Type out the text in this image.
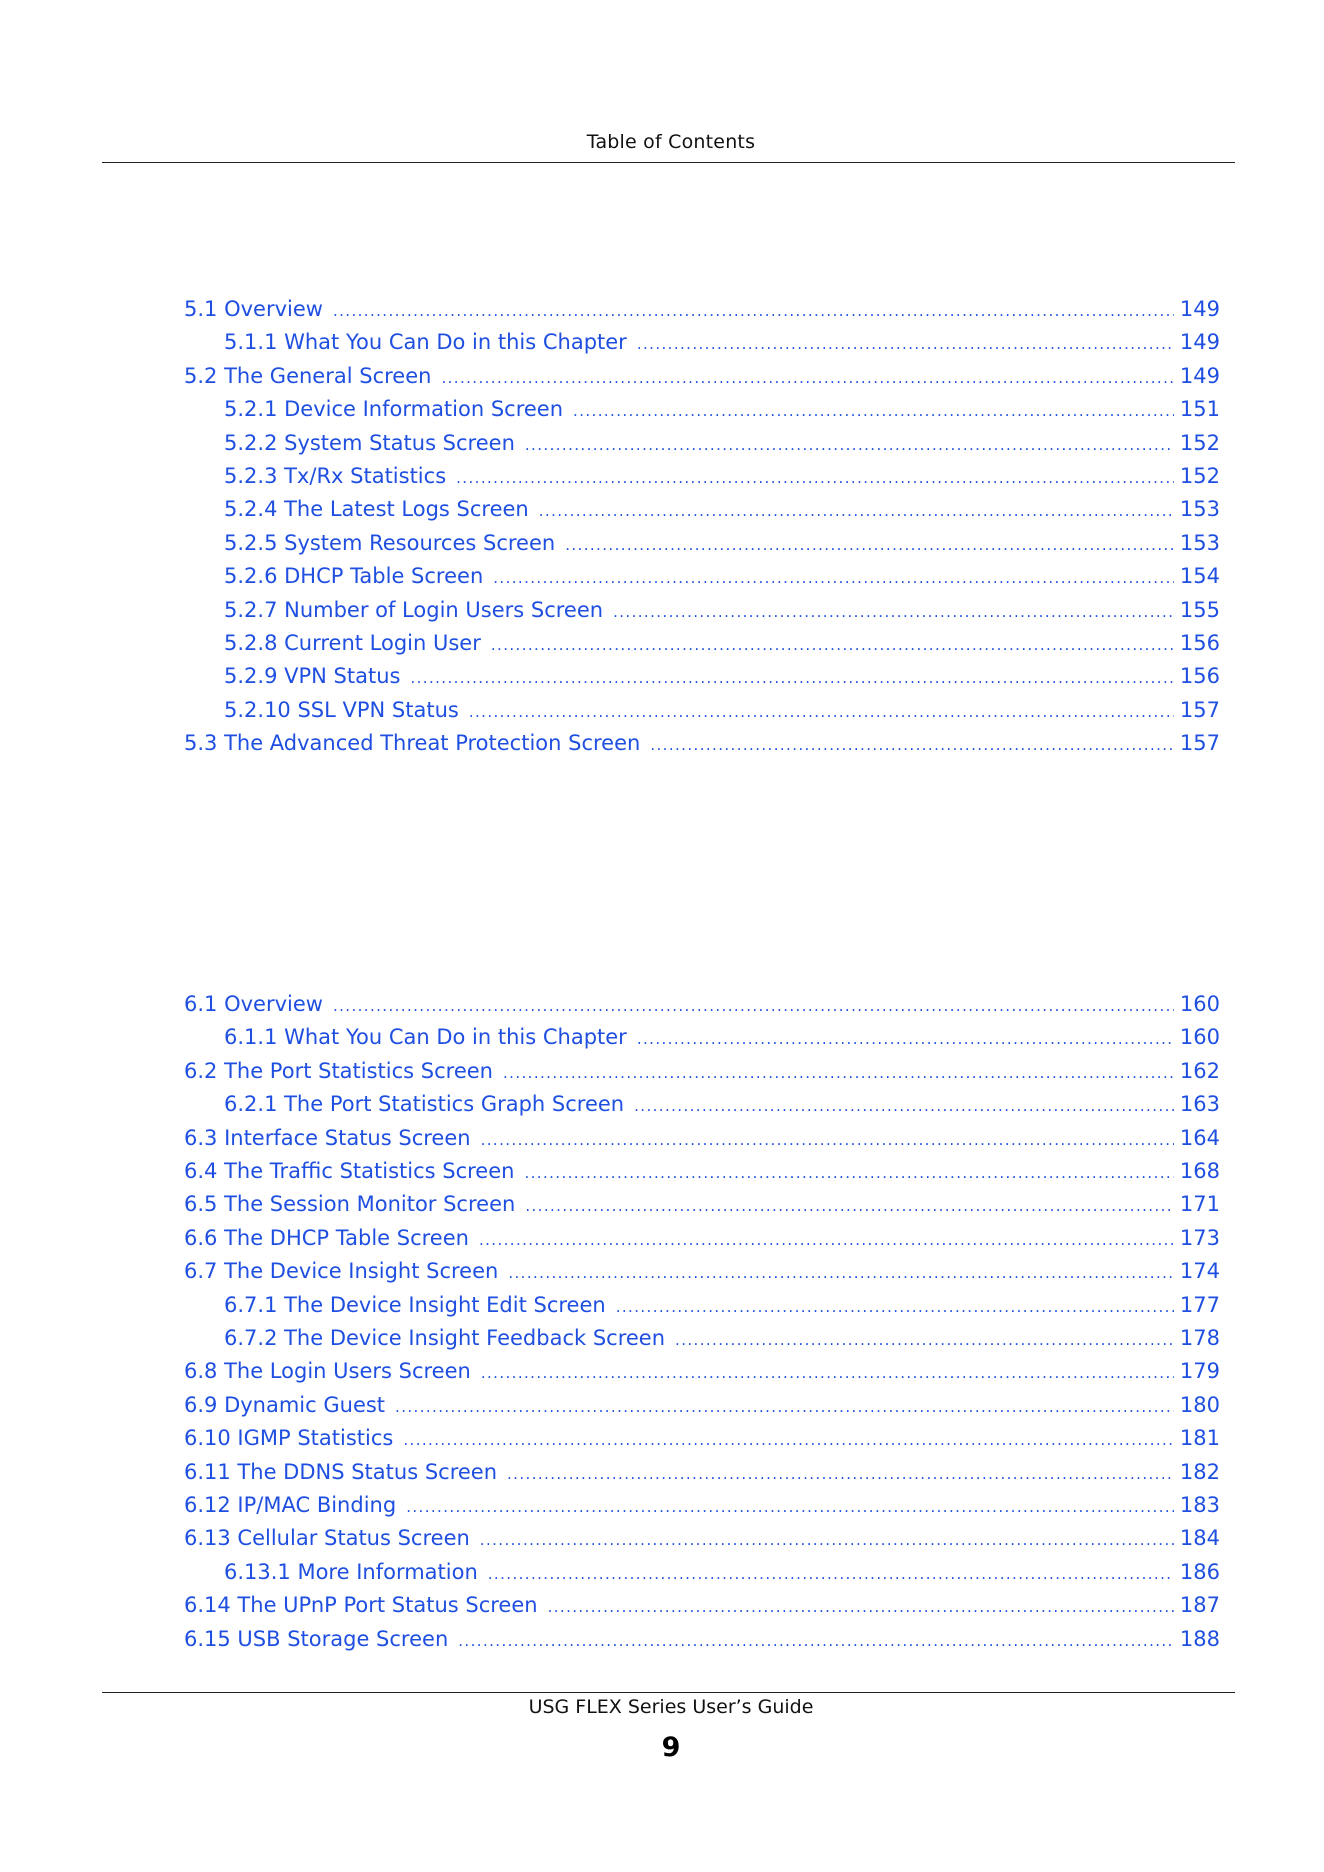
Table of Contents
5.1 Overview .....	149
5.1.1 What You Can Do in this Chapter .....	149
5.2 The General Screen .....	149
5.2.1 Device Information Screen .....	151
5.2.2 System Status Screen .....	152
5.2.3 Tx/Rx Statistics .....	152
5.2.4 The Latest Logs Screen .....	153
5.2.5 System Resources Screen .....	153
5.2.6 DHCP Table Screen .....	154
5.2.7 Number of Login Users Screen .....	155
5.2.8 Current Login User .....	156
5.2.9 VPN Status .....	156
5.2.10 SSL VPN Status .....	157
5.3 The Advanced Threat Protection Screen .....	157
6.1 Overview .....	160
6.1.1 What You Can Do in this Chapter .....	160
6.2 The Port Statistics Screen .....	162
6.2.1 The Port Statistics Graph Screen .....	163
6.3 Interface Status Screen .....	164
6.4 The Traffic Statistics Screen .....	168
6.5 The Session Monitor Screen .....	171
6.6 The DHCP Table Screen .....	173
6.7 The Device Insight Screen .....	174
6.7.1 The Device Insight Edit Screen .....	177
6.7.2 The Device Insight Feedback Screen .....	178
6.8 The Login Users Screen .....	179
6.9 Dynamic Guest .....	180
6.10 IGMP Statistics .....	181
6.11 The DDNS Status Screen .....	182
6.12 IP/MAC Binding .....	183
6.13 Cellular Status Screen .....	184
6.13.1 More Information .....	186
6.14 The UPnP Port Status Screen .....	187
6.15 USB Storage Screen .....	188
USG FLEX Series User’s Guide
9
